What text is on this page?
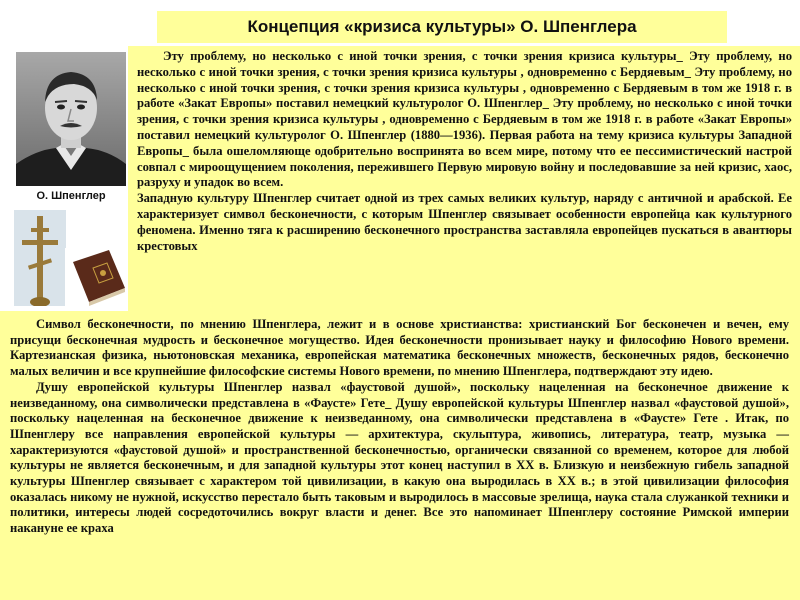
Концепция «кризиса культуры» О. Шпенглера
О. Шпенглер

Эту проблему, но несколько с иной точки зрения, с точки зрения кризиса культуры_ Эту проблему, но несколько с иной точки зрения, с точки зрения кризиса культуры , одновременно с Бердяевым_ Эту проблему, но несколько с иной точки зрения, с точки зрения кризиса культуры , одновременно с Бердяевым в том же 1918 г. в работе «Закат Европы» поставил немецкий культуролог О. Шпенглер_ Эту проблему, но несколько с иной точки зрения, с точки зрения кризиса культуры , одновременно с Бердяевым в том же 1918 г. в работе «Закат Европы» поставил немецкий культуролог О. Шпенглер (1880—1936). Первая работа на тему кризиса культуры Западной Европы_ была ошеломляюще одобрительно воспринята во всем мире, потому что ее пессимистический настрой совпал с мироощущением поколения, пережившего Первую мировую войну и последовавшие за ней кризис, хаос, разруху и упадок во всем.
Западную культуру Шпенглер считает одной из трех самых великих культур, наряду с античной и арабской. Ее характеризует символ бесконечности, с которым Шпенглер связывает особенности европейца как культурного феномена. Именно тяга к расширению бесконечного пространства заставляла европейцев пускаться в авантюры крестовых

Символ бесконечности, по мнению Шпенглера, лежит и в основе христианства: христианский Бог бесконечен и вечен, ему присущи бесконечная мудрость и бесконечное могущество. Идея бесконечности пронизывает науку и философию Нового времени. Картезианская физика, ньютоновская механика, европейская математика бесконечных множеств, бесконечных рядов, бесконечно малых величин и все крупнейшие философские системы Нового времени, по мнению Шпенглера, подтверждают эту идею.
Душу европейской культуры Шпенглер назвал «фаустовой душой», поскольку нацеленная на бесконечное движение к неизведанному, она символически представлена в «Фаусте» Гете_ Душу европейской культуры Шпенглер назвал «фаустовой душой», поскольку нацеленная на бесконечное движение к неизведанному, она символически представлена в «Фаусте» Гете . Итак, по Шпенглеру все направления европейской культуры — архитектура, скульптура, живопись, литература, театр, музыка — характеризуются «фаустовой душой» и пространственной бесконечностью, органически связанной со временем, которое для любой культуры не является бесконечным, и для западной культуры этот конец наступил в XX в. Близкую и неизбежную гибель западной культуры Шпенглер связывает с характером той цивилизации, в какую она выродилась в XX в.; в этой цивилизации философия оказалась никому не нужной, искусство перестало быть таковым и выродилось в массовые зрелища, наука стала служанкой техники и политики, интересы людей сосредоточились вокруг власти и денег. Все это напоминает Шпенглеру состояние Римской империи накануне ее краха
